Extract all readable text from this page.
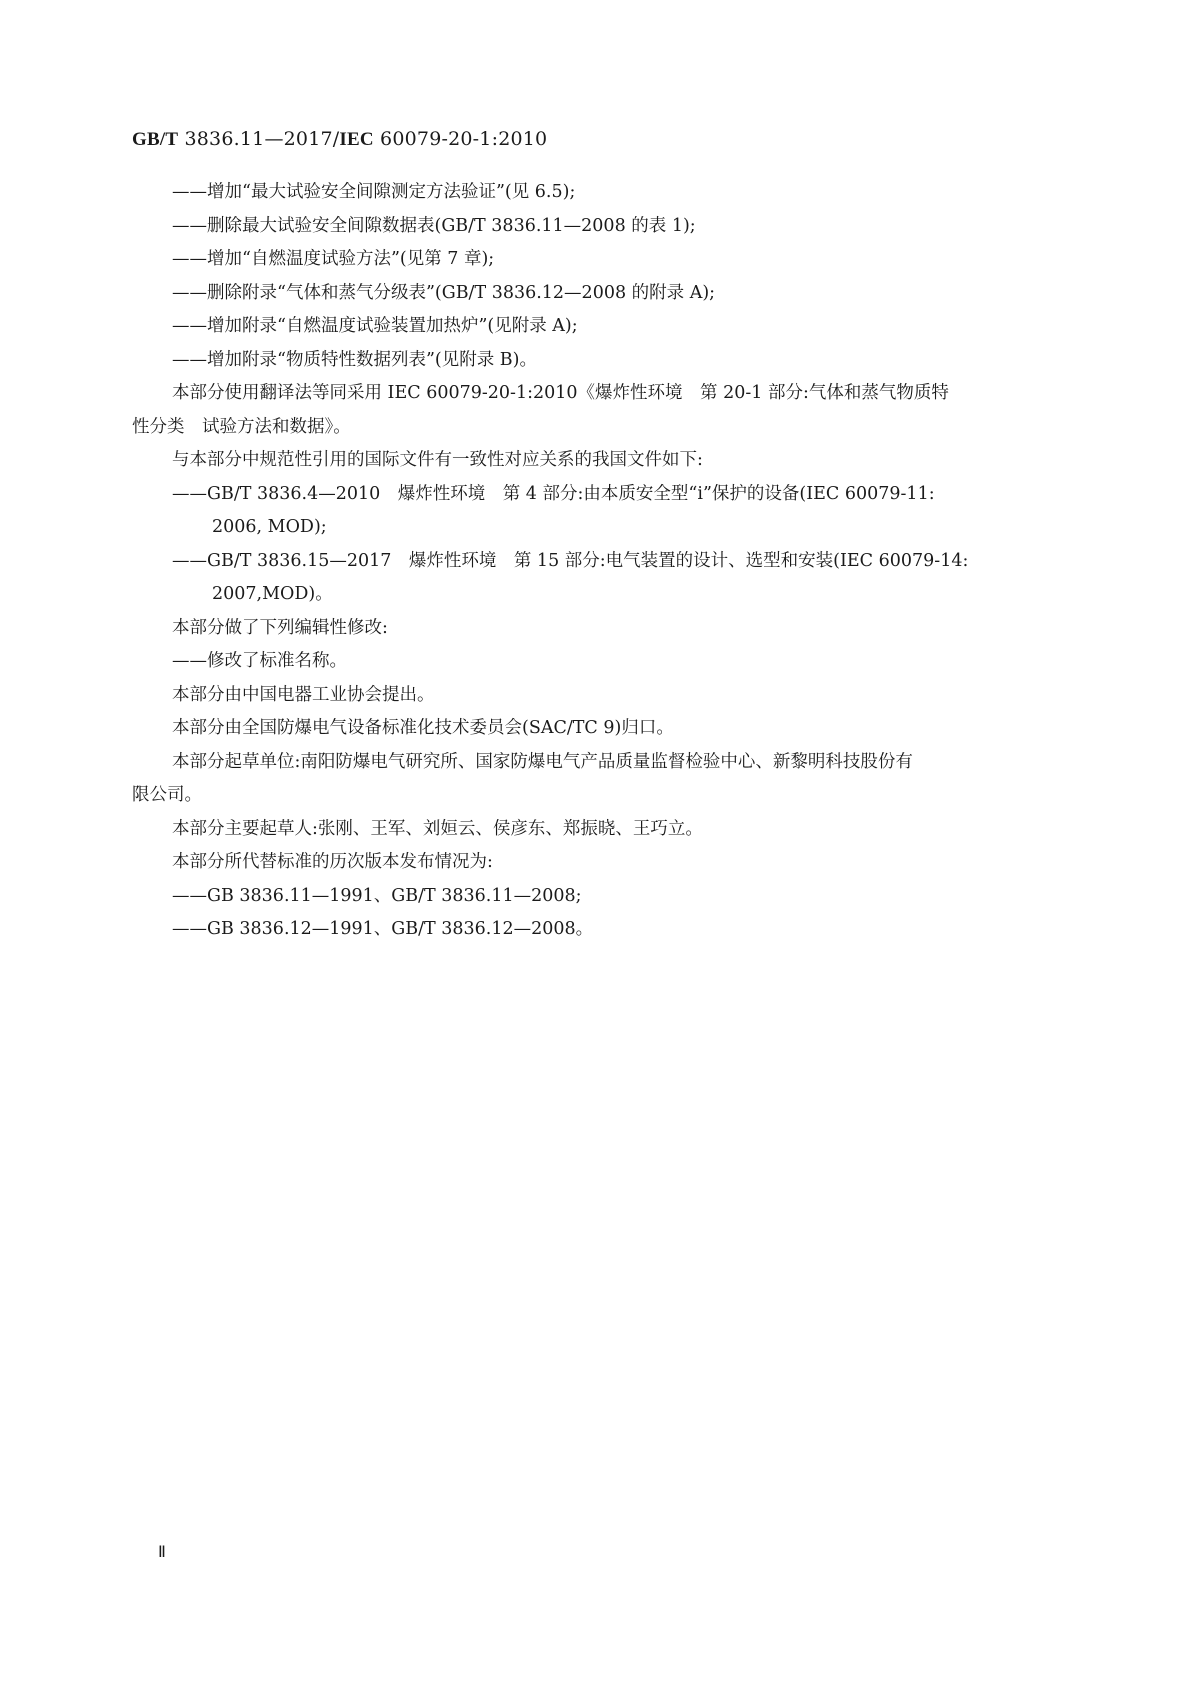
GB/T 3836.11—2017/IEC 60079-20-1:2010
——增加“最大试验安全间隙测定方法验证”(见 6.5);
——删除最大试验安全间隙数据表(GB/T 3836.11—2008 的表 1);
——增加“自燃温度试验方法”(见第 7 章);
——删除附录“气体和蒸气分级表”(GB/T 3836.12—2008 的附录 A);
——增加附录“自燃温度试验装置加热炉”(见附录 A);
——增加附录“物质特性数据列表”(见附录 B)。
本部分使用翻译法等同采用 IEC 60079-20-1:2010《爆炸性环境　第 20-1 部分:气体和蒸气物质特
性分类　试验方法和数据》。
与本部分中规范性引用的国际文件有一致性对应关系的我国文件如下:
——GB/T 3836.4—2010　爆炸性环境　第 4 部分:由本质安全型“i”保护的设备(IEC 60079-11:
2006, MOD);
——GB/T 3836.15—2017　爆炸性环境　第 15 部分:电气装置的设计、选型和安装(IEC 60079-14:
2007,MOD)。
本部分做了下列编辑性修改:
——修改了标准名称。
本部分由中国电器工业协会提出。
本部分由全国防爆电气设备标准化技术委员会(SAC/TC 9)归口。
本部分起草单位:南阳防爆电气研究所、国家防爆电气产品质量监督检验中心、新黎明科技股份有
限公司。
本部分主要起草人:张刚、王军、刘姮云、侯彦东、郑振晓、王巧立。
本部分所代替标准的历次版本发布情况为:
——GB 3836.11—1991、GB/T 3836.11—2008;
——GB 3836.12—1991、GB/T 3836.12—2008。
Ⅱ
